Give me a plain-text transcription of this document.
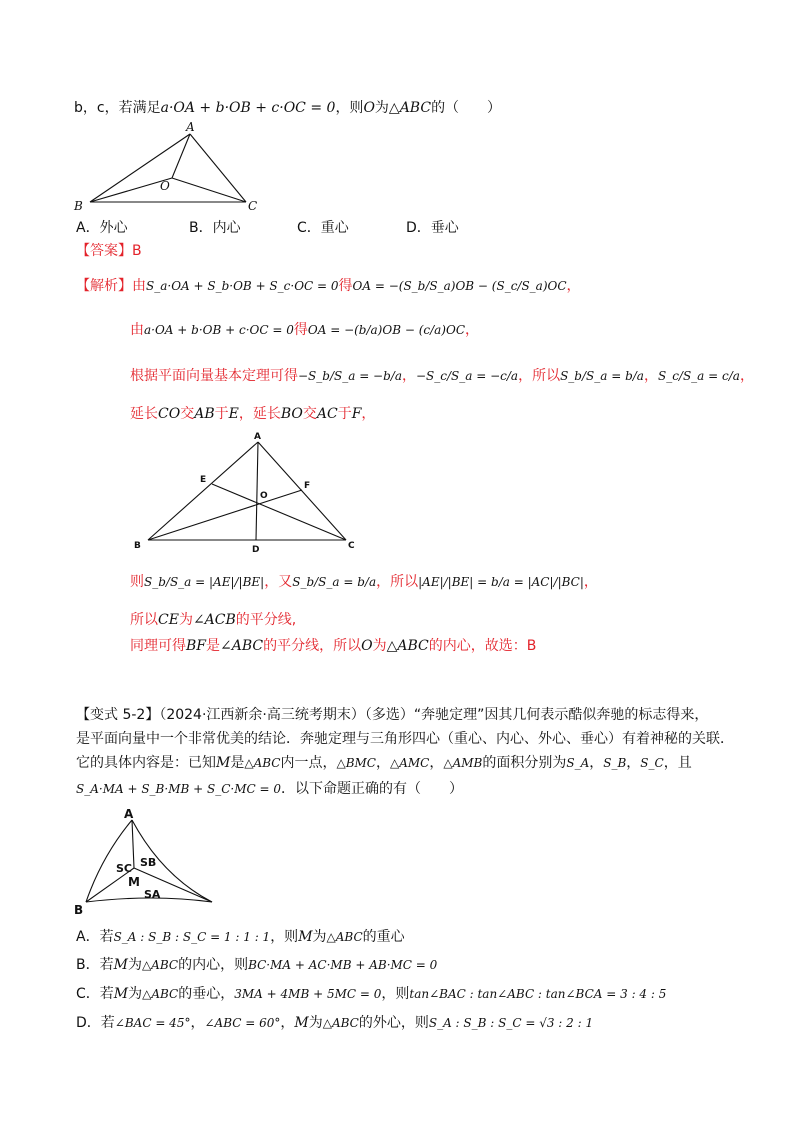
b，c，若满足a·OA + b·OB + c·OC = 0，则O为△ABC的（　　）
A
B	C
O
A．外心	B．内心	C．重心	D．垂心
【答案】B
【解析】由S_a·OA + S_b·OB + S_c·OC = 0得OA = −(S_b/S_a)OB − (S_c/S_a)OC，
由a·OA + b·OB + c·OC = 0得OA = −(b/a)OB − (c/a)OC，
根据平面向量基本定理可得−S_b/S_a = −b/a，−S_c/S_a = −c/a，所以S_b/S_a = b/a，S_c/S_a = c/a，
延长CO交AB于E，延长BO交AC于F，
A
B	C
D
E
F
O
则S_b/S_a = |AE|/|BE|，又S_b/S_a = b/a，所以|AE|/|BE| = b/a = |AC|/|BC|，
所以CE为∠ACB的平分线,
同理可得BF是∠ABC的平分线，所以O为△ABC的内心，故选：B
【变式 5-2】（2024·江西新余·高三统考期末）（多选）“奔驰定理”因其几何表示酷似奔驰的标志得来，
是平面向量中一个非常优美的结论．奔驰定理与三角形四心（重心、内心、外心、垂心）有着神秘的关联．
它的具体内容是：已知M是△ABC内一点，△BMC，△AMC，△AMB的面积分别为S_A，S_B，S_C，且
S_A·MA + S_B·MB + S_C·MC = 0．以下命题正确的有（　　）
A
B
SC SB
M
SA
A．若S_A : S_B : S_C = 1 : 1 : 1，则M为△ABC的重心
B．若M为△ABC的内心，则BC·MA + AC·MB + AB·MC = 0
C．若M为△ABC的垂心，3MA + 4MB + 5MC = 0，则tan∠BAC : tan∠ABC : tan∠BCA = 3 : 4 : 5
D．若∠BAC = 45°，∠ABC = 60°，M为△ABC的外心，则S_A : S_B : S_C = √3 : 2 : 1
